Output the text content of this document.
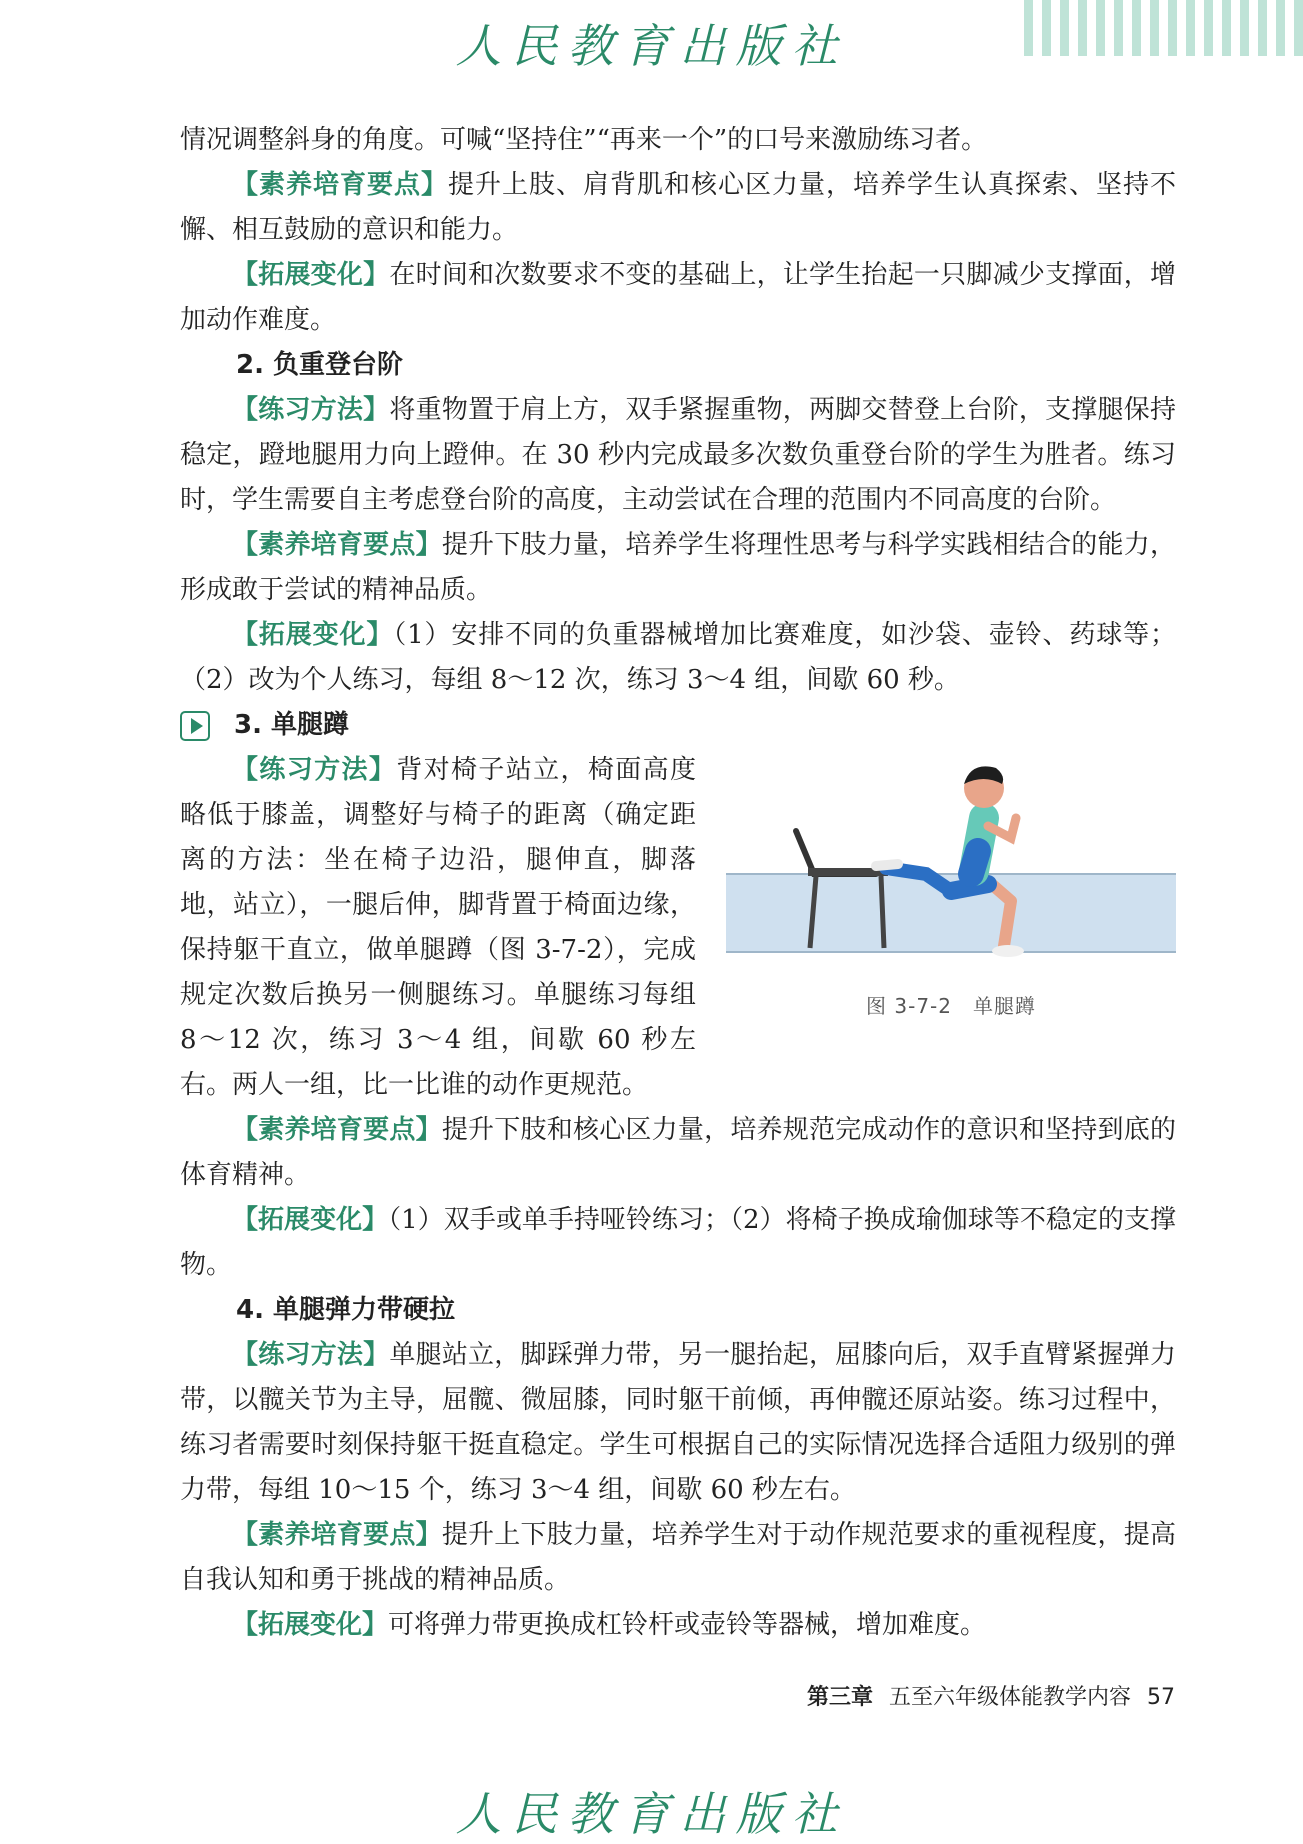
人民教育出版社

情况调整斜身的角度。可喊“坚持住”“再来一个”的口号来激励练习者。

【素养培育要点】提升上肢、肩背肌和核心区力量，培养学生认真探索、坚持不懈、相互鼓励的意识和能力。

【拓展变化】在时间和次数要求不变的基础上，让学生抬起一只脚减少支撑面，增加动作难度。

2. 负重登台阶

【练习方法】将重物置于肩上方，双手紧握重物，两脚交替登上台阶，支撑腿保持稳定，蹬地腿用力向上蹬伸。在 30 秒内完成最多次数负重登台阶的学生为胜者。练习时，学生需要自主考虑登台阶的高度，主动尝试在合理的范围内不同高度的台阶。

【素养培育要点】提升下肢力量，培养学生将理性思考与科学实践相结合的能力，形成敢于尝试的精神品质。

【拓展变化】（1）安排不同的负重器械增加比赛难度，如沙袋、壶铃、药球等；（2）改为个人练习，每组 8～12 次，练习 3～4 组，间歇 60 秒。

3. 单腿蹲
图 3-7-2　单腿蹲

【练习方法】背对椅子站立，椅面高度略低于膝盖，调整好与椅子的距离（确定距离的方法：坐在椅子边沿，腿伸直，脚落地，站立），一腿后伸，脚背置于椅面边缘，保持躯干直立，做单腿蹲（图 3-7-2），完成规定次数后换另一侧腿练习。单腿练习每组 8～12 次，练习 3～4 组，间歇 60 秒左右。两人一组，比一比谁的动作更规范。

【素养培育要点】提升下肢和核心区力量，培养规范完成动作的意识和坚持到底的体育精神。

【拓展变化】（1）双手或单手持哑铃练习；（2）将椅子换成瑜伽球等不稳定的支撑物。

4. 单腿弹力带硬拉

【练习方法】单腿站立，脚踩弹力带，另一腿抬起，屈膝向后，双手直臂紧握弹力带，以髋关节为主导，屈髋、微屈膝，同时躯干前倾，再伸髋还原站姿。练习过程中，练习者需要时刻保持躯干挺直稳定。学生可根据自己的实际情况选择合适阻力级别的弹力带，每组 10～15 个，练习 3～4 组，间歇 60 秒左右。

【素养培育要点】提升上下肢力量，培养学生对于动作规范要求的重视程度，提高自我认知和勇于挑战的精神品质。

【拓展变化】可将弹力带更换成杠铃杆或壶铃等器械，增加难度。

第三章 五至六年级体能教学内容 57
人民教育出版社
